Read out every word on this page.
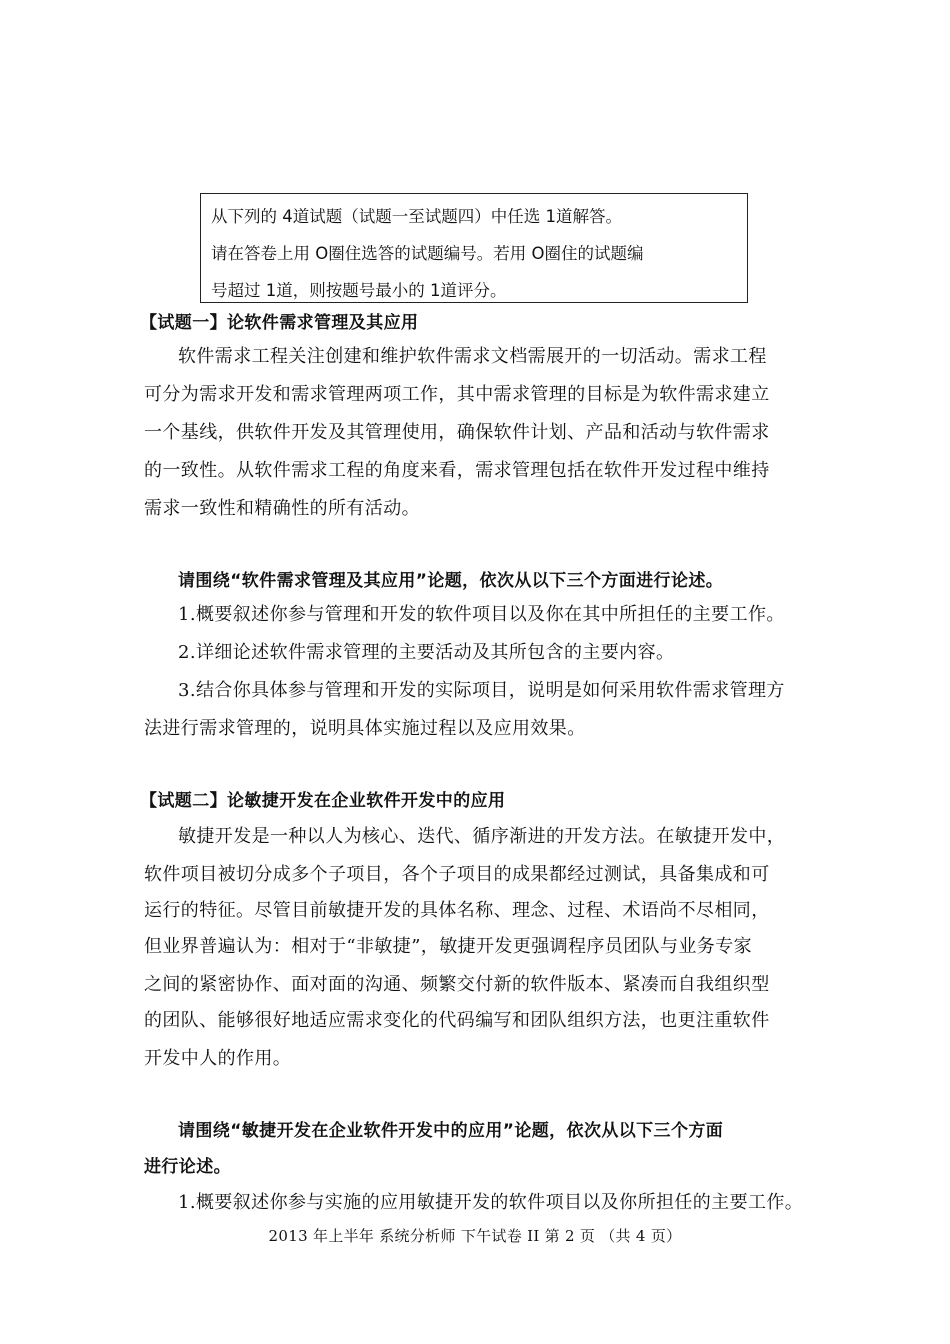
从下列的 4道试题（试题一至试题四）中任选 1道解答。
请在答卷上用 O圈住选答的试题编号。若用 O圈住的试题编
号超过 1道，则按题号最小的 1道评分。
【试题一】论软件需求管理及其应用
软件需求工程关注创建和维护软件需求文档需展开的一切活动。需求工程
可分为需求开发和需求管理两项工作，其中需求管理的目标是为软件需求建立
一个基线，供软件开发及其管理使用，确保软件计划、产品和活动与软件需求
的一致性。从软件需求工程的角度来看，需求管理包括在软件开发过程中维持
需求一致性和精确性的所有活动。
请围绕“软件需求管理及其应用”论题，依次从以下三个方面进行论述。
1.概要叙述你参与管理和开发的软件项目以及你在其中所担任的主要工作。
2.详细论述软件需求管理的主要活动及其所包含的主要内容。
3.结合你具体参与管理和开发的实际项目，说明是如何采用软件需求管理方
法进行需求管理的，说明具体实施过程以及应用效果。
【试题二】论敏捷开发在企业软件开发中的应用
敏捷开发是一种以人为核心、迭代、循序渐进的开发方法。在敏捷开发中，
软件项目被切分成多个子项目，各个子项目的成果都经过测试，具备集成和可
运行的特征。尽管目前敏捷开发的具体名称、理念、过程、术语尚不尽相同，
但业界普遍认为：相对于“非敏捷”，敏捷开发更强调程序员团队与业务专家
之间的紧密协作、面对面的沟通、频繁交付新的软件版本、紧凑而自我组织型
的团队、能够很好地适应需求变化的代码编写和团队组织方法，也更注重软件
开发中人的作用。
请围绕“敏捷开发在企业软件开发中的应用”论题，依次从以下三个方面
进行论述。
1.概要叙述你参与实施的应用敏捷开发的软件项目以及你所担任的主要工作。
2013 年上半年 系统分析师 下午试卷 II 第 2 页 （共 4 页）
